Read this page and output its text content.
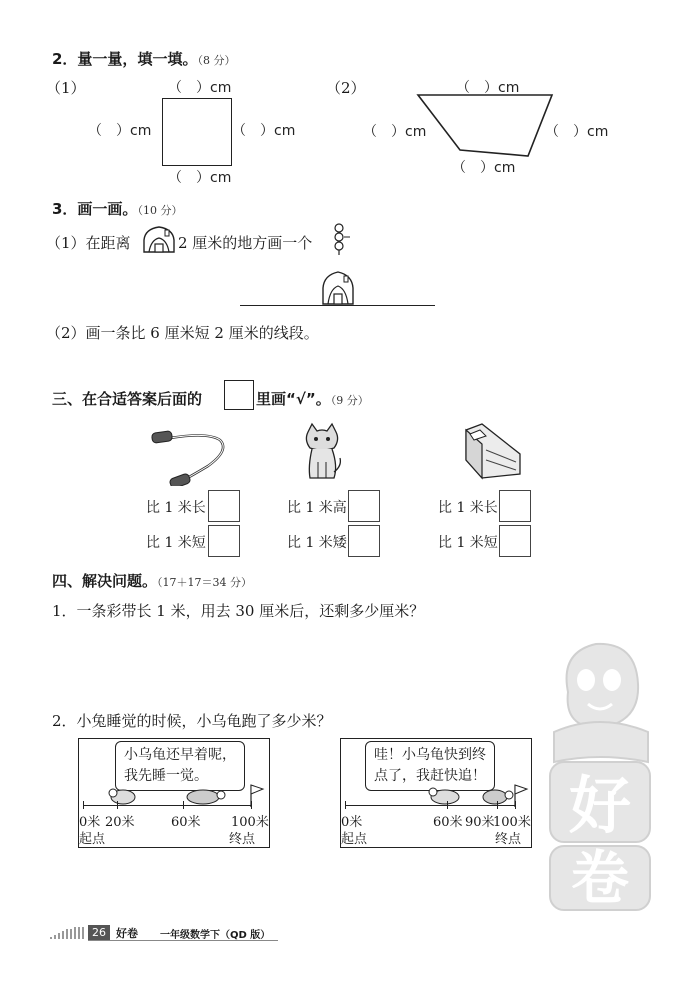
2．量一量，填一填。（8 分）
（1）	（　）cm
（　）cm	（　）cm
（　）cm
（2）	（　）cm
（　）cm	（　）cm
（　）cm
3．画一画。（10 分）
（1）在距离	2 厘米的地方画一个
（2）画一条比 6 厘米短 2 厘米的线段。
三、在合适答案后面的	里画“√”。（9 分）
比 1 米长
比 1 米短
比 1 米高
比 1 米矮
比 1 米长
比 1 米短
四、解决问题。（17＋17＝34 分）
1．一条彩带长 1 米，用去 30 厘米后，还剩多少厘米？
好
卷
2．小兔睡觉的时候，小乌龟跑了多少米？
小乌龟还早着呢，
我先睡一觉。
0米 20米	60米 100米
起点	终点
哇！小乌龟快到终
点了，我赶快追！
0米	60米 90米
100米
起点	终点
26 好卷 一年级数学下（QD 版）
